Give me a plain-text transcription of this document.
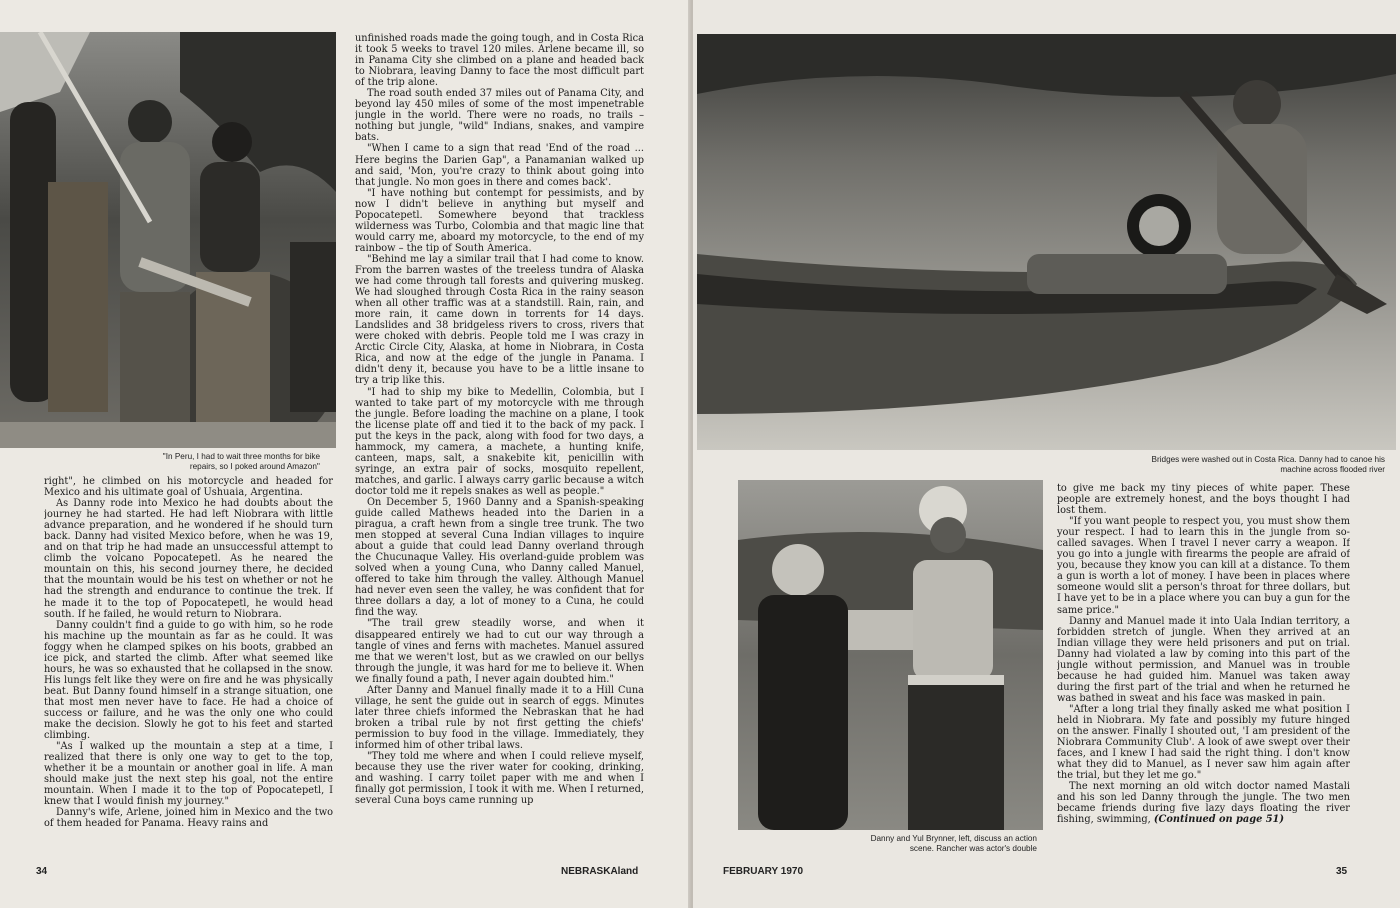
''In Peru, I had to wait three months for bike repairs, so I poked around Amazon''

right", he climbed on his motorcycle and headed for Mexico and his ultimate goal of Ushuaia, Argentina.

As Danny rode into Mexico he had doubts about the journey he had started. He had left Niobrara with little advance preparation, and he wondered if he should turn back. Danny had visited Mexico before, when he was 19, and on that trip he had made an unsuccessful attempt to climb the volcano Popocatepetl. As he neared the mountain on this, his second journey there, he decided that the mountain would be his test on whether or not he had the strength and endurance to continue the trek. If he made it to the top of Popocatepetl, he would head south. If he failed, he would return to Niobrara.

Danny couldn't find a guide to go with him, so he rode his machine up the mountain as far as he could. It was foggy when he clamped spikes on his boots, grabbed an ice pick, and started the climb. After what seemed like hours, he was so exhausted that he collapsed in the snow. His lungs felt like they were on fire and he was physically beat. But Danny found himself in a strange situation, one that most men never have to face. He had a choice of success or failure, and he was the only one who could make the decision. Slowly he got to his feet and started climbing.

"As I walked up the mountain a step at a time, I realized that there is only one way to get to the top, whether it be a mountain or another goal in life. A man should make just the next step his goal, not the entire mountain. When I made it to the top of Popocatepetl, I knew that I would finish my journey."

Danny's wife, Arlene, joined him in Mexico and the two of them headed for Panama. Heavy rains and

unfinished roads made the going tough, and in Costa Rica it took 5 weeks to travel 120 miles. Arlene became ill, so in Panama City she climbed on a plane and headed back to Niobrara, leaving Danny to face the most difficult part of the trip alone.

The road south ended 37 miles out of Panama City, and beyond lay 450 miles of some of the most impenetrable jungle in the world. There were no roads, no trails – nothing but jungle, "wild" Indians, snakes, and vampire bats.

"When I came to a sign that read 'End of the road ... Here begins the Darien Gap", a Panamanian walked up and said, 'Mon, you're crazy to think about going into that jungle. No mon goes in there and comes back'.

"I have nothing but contempt for pessimists, and by now I didn't believe in anything but myself and Popocatepetl. Somewhere beyond that trackless wilderness was Turbo, Colombia and that magic line that would carry me, aboard my motorcycle, to the end of my rainbow – the tip of South America.

"Behind me lay a similar trail that I had come to know. From the barren wastes of the treeless tundra of Alaska we had come through tall forests and quivering muskeg. We had sloughed through Costa Rica in the rainy season when all other traffic was at a standstill. Rain, rain, and more rain, it came down in torrents for 14 days. Landslides and 38 bridgeless rivers to cross, rivers that were choked with debris. People told me I was crazy in Arctic Circle City, Alaska, at home in Niobrara, in Costa Rica, and now at the edge of the jungle in Panama. I didn't deny it, because you have to be a little insane to try a trip like this.

"I had to ship my bike to Medellin, Colombia, but I wanted to take part of my motorcycle with me through the jungle. Before loading the machine on a plane, I took the license plate off and tied it to the back of my pack. I put the keys in the pack, along with food for two days, a hammock, my camera, a machete, a hunting knife, canteen, maps, salt, a snakebite kit, penicillin with syringe, an extra pair of socks, mosquito repellent, matches, and garlic. I always carry garlic because a witch doctor told me it repels snakes as well as people."

On December 5, 1960 Danny and a Spanish-speaking guide called Mathews headed into the Darien in a piragua, a craft hewn from a single tree trunk. The two men stopped at several Cuna Indian villages to inquire about a guide that could lead Danny overland through the Chucunaque Valley. His overland-guide problem was solved when a young Cuna, who Danny called Manuel, offered to take him through the valley. Although Manuel had never even seen the valley, he was confident that for three dollars a day, a lot of money to a Cuna, he could find the way.

"The trail grew steadily worse, and when it disappeared entirely we had to cut our way through a tangle of vines and ferns with machetes. Manuel assured me that we weren't lost, but as we crawled on our bellys through the jungle, it was hard for me to believe it. When we finally found a path, I never again doubted him."

After Danny and Manuel finally made it to a Hill Cuna village, he sent the guide out in search of eggs. Minutes later three chiefs informed the Nebraskan that he had broken a tribal rule by not first getting the chiefs' permission to buy food in the village. Immediately, they informed him of other tribal laws.

"They told me where and when I could relieve myself, because they use the river water for cooking, drinking, and washing. I carry toilet paper with me and when I finally got permission, I took it with me. When I returned, several Cuna boys came running up

34	NEBRASKAland
Bridges were washed out in Costa Rica. Danny had to canoe his machine across flooded river
Danny and Yul Brynner, left, discuss an action scene. Rancher was actor's double

to give me back my tiny pieces of white paper. These people are extremely honest, and the boys thought I had lost them.

"If you want people to respect you, you must show them your respect. I had to learn this in the jungle from so-called savages. When I travel I never carry a weapon. If you go into a jungle with firearms the people are afraid of you, because they know you can kill at a distance. To them a gun is worth a lot of money. I have been in places where someone would slit a person's throat for three dollars, but I have yet to be in a place where you can buy a gun for the same price."

Danny and Manuel made it into Uala Indian territory, a forbidden stretch of jungle. When they arrived at an Indian village they were held prisoners and put on trial. Danny had violated a law by coming into this part of the jungle without permission, and Manuel was in trouble because he had guided him. Manuel was taken away during the first part of the trial and when he returned he was bathed in sweat and his face was masked in pain.

"After a long trial they finally asked me what position I held in Niobrara. My fate and possibly my future hinged on the answer. Finally I shouted out, 'I am president of the Niobrara Community Club'. A look of awe swept over their faces, and I knew I had said the right thing. I don't know what they did to Manuel, as I never saw him again after the trial, but they let me go."

The next morning an old witch doctor named Mastali and his son led Danny through the jungle. The two men became friends during five lazy days floating the river fishing, swimming, (Continued on page 51)

FEBRUARY 1970	35
